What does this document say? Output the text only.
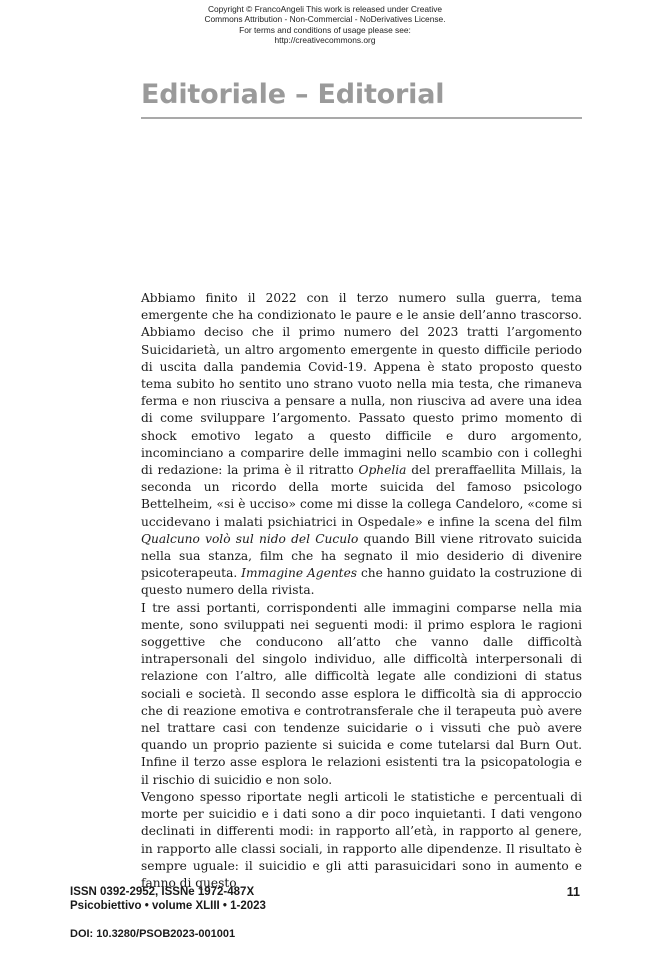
Copyright © FrancoAngeli This work is released under Creative
Commons Attribution - Non-Commercial - NoDerivatives License.
For terms and conditions of usage please see:
http://creativecommons.org
Editoriale – Editorial

Abbiamo finito il 2022 con il terzo numero sulla guerra, tema emergente che ha condizionato le paure e le ansie dell’anno trascorso. Abbiamo deciso che il primo numero del 2023 tratti l’argomento Suicidarietà, un altro argomento emergente in questo difficile periodo di uscita dalla pandemia Covid-19. Appena è stato proposto questo tema subito ho sentito uno strano vuoto nella mia testa, che rimaneva ferma e non riusciva a pensare a nulla, non riusciva ad avere una idea di come sviluppare l’argomento. Passato questo primo momento di shock emotivo legato a questo difficile e duro argomento, incominciano a comparire delle immagini nello scambio con i colleghi di redazione: la prima è il ritratto Ophelia del preraffaellita Millais, la seconda un ricordo della morte suicida del famoso psicologo Bettelheim, «si è ucciso» come mi disse la collega Candeloro, «come si uccidevano i malati psichiatrici in Ospedale» e infine la scena del film Qualcuno volò sul nido del Cuculo quando Bill viene ritrovato suicida nella sua stanza, film che ha segnato il mio desiderio di divenire psicoterapeuta. Immagine Agentes che hanno guidato la costruzione di questo numero della rivista.

I tre assi portanti, corrispondenti alle immagini comparse nella mia mente, sono sviluppati nei seguenti modi: il primo esplora le ragioni soggettive che conducono all’atto che vanno dalle difficoltà intrapersonali del singolo individuo, alle difficoltà interpersonali di relazione con l’altro, alle difficoltà legate alle condizioni di status sociali e società. Il secondo asse esplora le difficoltà sia di approccio che di reazione emotiva e controtransferale che il terapeuta può avere nel trattare casi con tendenze suicidarie o i vissuti che può avere quando un proprio paziente si suicida e come tutelarsi dal Burn Out. Infine il terzo asse esplora le relazioni esistenti tra la psicopatologia e il rischio di suicidio e non solo.

Vengono spesso riportate negli articoli le statistiche e percentuali di morte per suicidio e i dati sono a dir poco inquietanti. I dati vengono declinati in differenti modi: in rapporto all’età, in rapporto al genere, in rapporto alle classi sociali, in rapporto alle dipendenze. Il risultato è sempre uguale: il suicidio e gli atti parasuicidari sono in aumento e fanno di questo

ISSN 0392-2952, ISSNe 1972-487X
Psicobiettivo • volume XLIII • 1-2023
11
DOI: 10.3280/PSOB2023-001001
